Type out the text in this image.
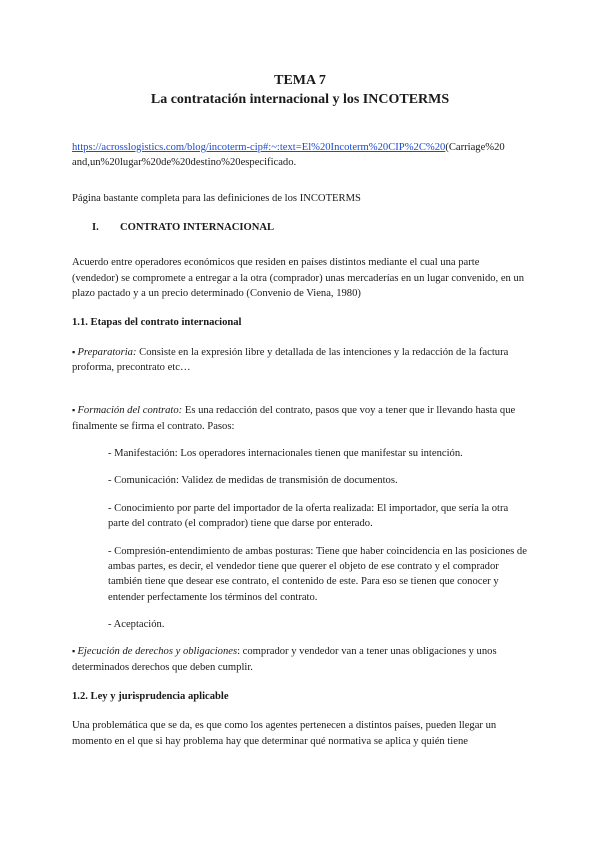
TEMA 7
La contratación internacional y los INCOTERMS

https://acrosslogistics.com/blog/incoterm-cip#:~:text=El%20Incoterm%20CIP%2C%20(Carriage%20 and,un%20lugar%20de%20destino%20especificado.

Página bastante completa para las definiciones de los INCOTERMS

I. CONTRATO INTERNACIONAL

Acuerdo entre operadores económicos que residen en países distintos mediante el cual una parte (vendedor) se compromete a entregar a la otra (comprador) unas mercaderías en un lugar convenido, en un plazo pactado y a un precio determinado (Convenio de Viena, 1980)

1.1. Etapas del contrato internacional

▪ Preparatoria: Consiste en la expresión libre y detallada de las intenciones y la redacción de la factura proforma, precontrato etc…

▪ Formación del contrato: Es una redacción del contrato, pasos que voy a tener que ir llevando hasta que finalmente se firma el contrato. Pasos:

- Manifestación: Los operadores internacionales tienen que manifestar su intención.

- Comunicación: Validez de medidas de transmisión de documentos.

- Conocimiento por parte del importador de la oferta realizada: El importador, que sería la otra parte del contrato (el comprador) tiene que darse por enterado.

- Compresión-entendimiento de ambas posturas: Tiene que haber coincidencia en las posiciones de ambas partes, es decir, el vendedor tiene que querer el objeto de ese contrato y el comprador también tiene que desear ese contrato, el contenido de este. Para eso se tienen que conocer y entender perfectamente los términos del contrato.

- Aceptación.

▪ Ejecución de derechos y obligaciones: comprador y vendedor van a tener unas obligaciones y unos determinados derechos que deben cumplir.

1.2. Ley y jurisprudencia aplicable

Una problemática que se da, es que como los agentes pertenecen a distintos países, pueden llegar un momento en el que si hay problema hay que determinar qué normativa se aplica y quién tiene
